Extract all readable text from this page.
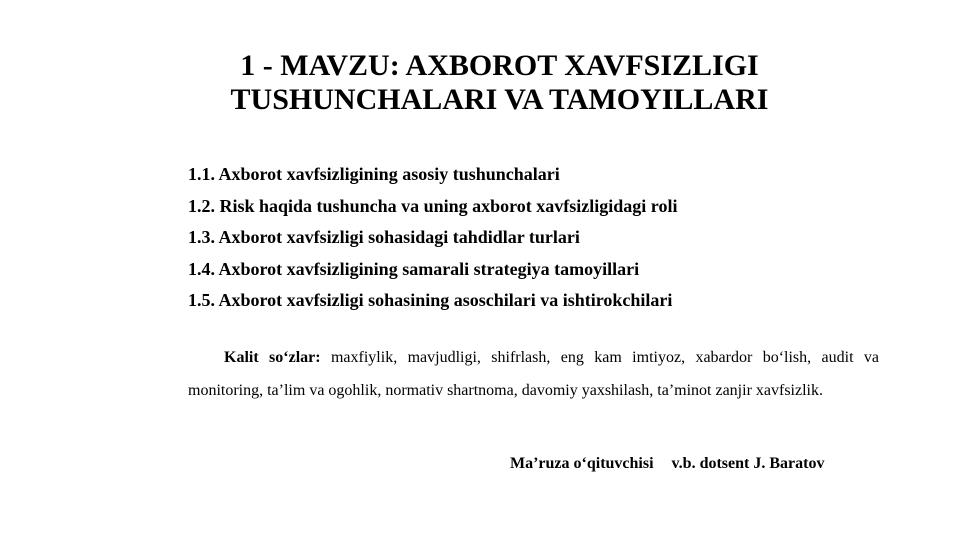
1 - MAVZU: AXBOROT XAVFSIZLIGI
TUSHUNCHALARI VA TAMOYILLARI
1.1. Axborot xavfsizligining asosiy tushunchalari
1.2. Risk haqida tushuncha va uning axborot xavfsizligidagi roli
1.3. Axborot xavfsizligi sohasidagi tahdidlar turlari
1.4. Axborot xavfsizligining samarali strategiya tamoyillari
1.5. Axborot xavfsizligi sohasining asoschilari va ishtirokchilari
Kalit so‘zlar: maxfiylik, mavjudligi, shifrlash, eng kam imtiyoz, xabardor bo‘lish, audit va monitoring, ta’lim va ogohlik, normativ shartnoma, davomiy yaxshilash, ta’minot zanjir xavfsizlik.
Ma’ruza o‘qituvchisi v.b. dotsent J. Baratov
